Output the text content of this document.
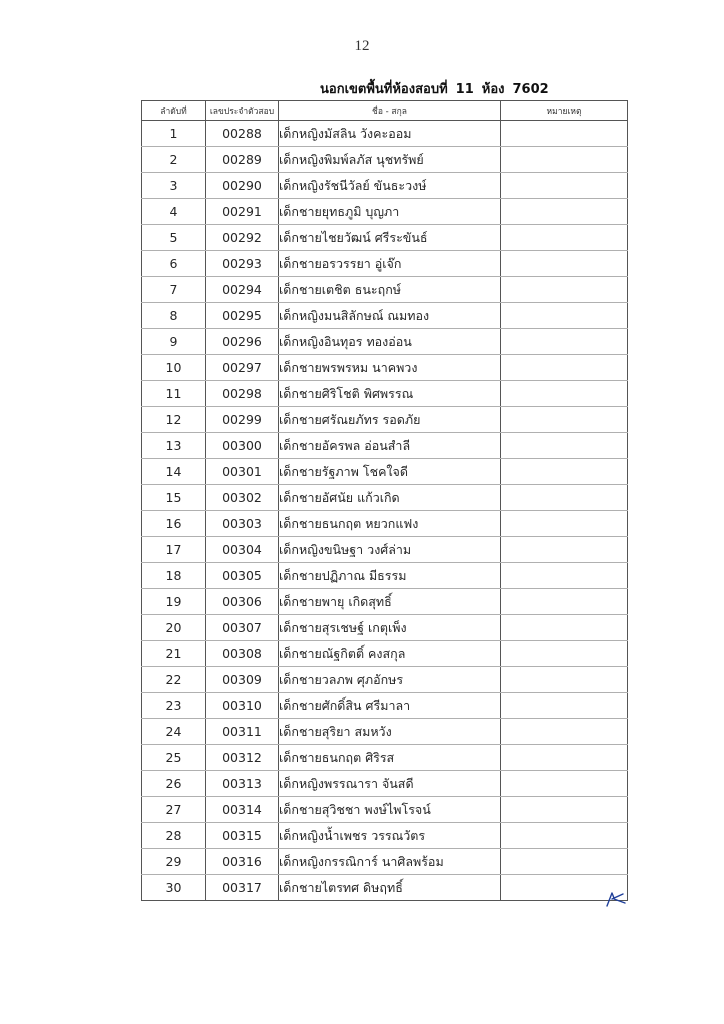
12
นอกเขตพื้นที่ห้องสอบที่ 11 ห้อง 7602
ลำดับที่	เลขประจำตัวสอบ	ชื่อ - สกุล	หมายเหตุ
1	00288	เด็กหญิงมัสลิน วังคะออม	
2	00289	เด็กหญิงพิมพ์ลภัส นุชทรัพย์	
3	00290	เด็กหญิงรัชนีวัลย์ ขันธะวงษ์	
4	00291	เด็กชายยุทธภูมิ บุญภา	
5	00292	เด็กชายไชยวัฒน์ ศรีระขันธ์	
6	00293	เด็กชายอรวรรยา อู่เจ๊ก	
7	00294	เด็กชายเตชิต ธนะฤกษ์	
8	00295	เด็กหญิงมนสิลักษณ์ ณมทอง	
9	00296	เด็กหญิงอินทุอร ทองอ่อน	
10	00297	เด็กชายพรพรหม นาคพวง	
11	00298	เด็กชายศิริโชติ พิศพรรณ	
12	00299	เด็กชายศรัณยภัทร รอดภัย	
13	00300	เด็กชายอัครพล อ่อนสำลี	
14	00301	เด็กชายรัฐภาพ โชคใจดี	
15	00302	เด็กชายอัศนัย แก้วเกิด	
16	00303	เด็กชายธนกฤต หยวกแฟง	
17	00304	เด็กหญิงขนิษฐา วงศ์ล่าม	
18	00305	เด็กชายปฏิภาณ มีธรรม	
19	00306	เด็กชายพายุ เกิดสุทธิ์	
20	00307	เด็กชายสุรเชษฐ์ เกตุเพ็ง	
21	00308	เด็กชายณัฐกิตติ์ คงสกุล	
22	00309	เด็กชายวลภพ ศุภอักษร	
23	00310	เด็กชายศักดิ์สิน ศรีมาลา	
24	00311	เด็กชายสุริยา สมหวัง	
25	00312	เด็กชายธนกฤต ศิริรส	
26	00313	เด็กหญิงพรรณารา จันสดี	
27	00314	เด็กชายสุวิชชา พงษ์ไพโรจน์	
28	00315	เด็กหญิงน้ำเพชร วรรณวัตร	
29	00316	เด็กหญิงกรรณิการ์ นาศิลพร้อม	
30	00317	เด็กชายไตรทศ ดิษฤทธิ์	
